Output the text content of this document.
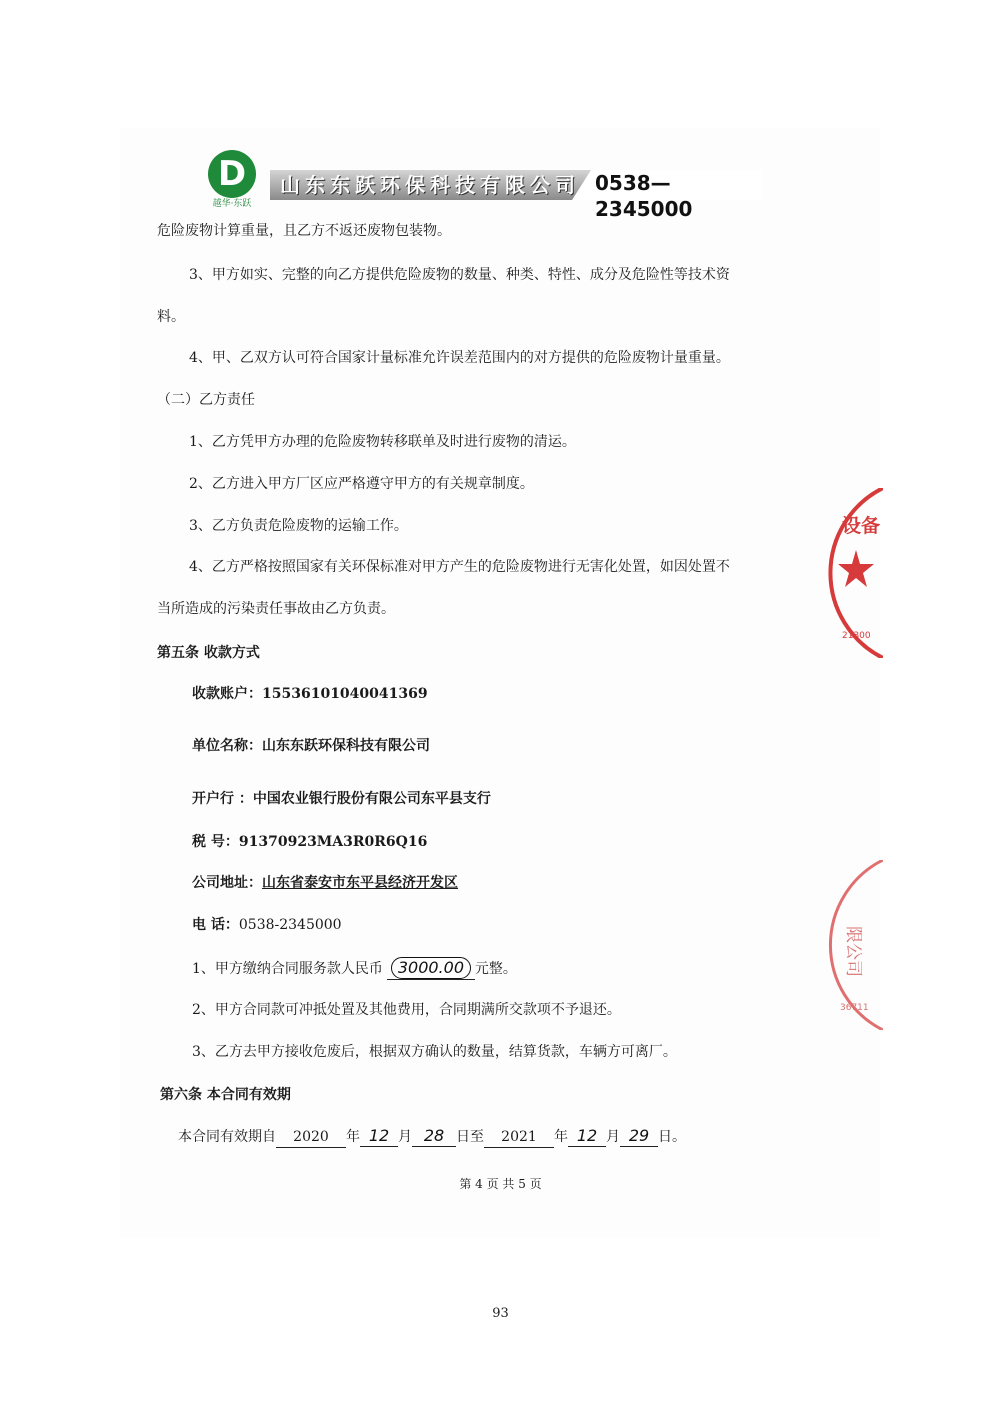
D
越华·东跃
山东东跃环保科技有限公司 0538—2345000
危险废物计算重量，且乙方不返还废物包装物。
3、甲方如实、完整的向乙方提供危险废物的数量、种类、特性、成分及危险性等技术资
料。
4、甲、乙双方认可符合国家计量标准允许误差范围内的对方提供的危险废物计量重量。
（二）乙方责任
1、乙方凭甲方办理的危险废物转移联单及时进行废物的清运。
2、乙方进入甲方厂区应严格遵守甲方的有关规章制度。
3、乙方负责危险废物的运输工作。
4、乙方严格按照国家有关环保标准对甲方产生的危险废物进行无害化处置，如因处置不
当所造成的污染责任事故由乙方负责。
第五条 收款方式
收款账户：15536101040041369
单位名称：山东东跃环保科技有限公司
开户行 ：中国农业银行股份有限公司东平县支行
税 号：91370923MA3R0R6Q16
公司地址：山东省泰安市东平县经济开发区
电 话：0538-2345000
1、甲方缴纳合同服务款人民币 3000.00 元整。
2、甲方合同款可冲抵处置及其他费用，合同期满所交款项不予退还。
3、乙方去甲方接收危废后，根据双方确认的数量，结算货款，车辆方可离厂。
第六条 本合同有效期
本合同有效期自 2020 年 12 月 28 日至 2021 年 12 月 29 日。
第 4 页 共 5 页
93
设备
21300
限公司
36711
